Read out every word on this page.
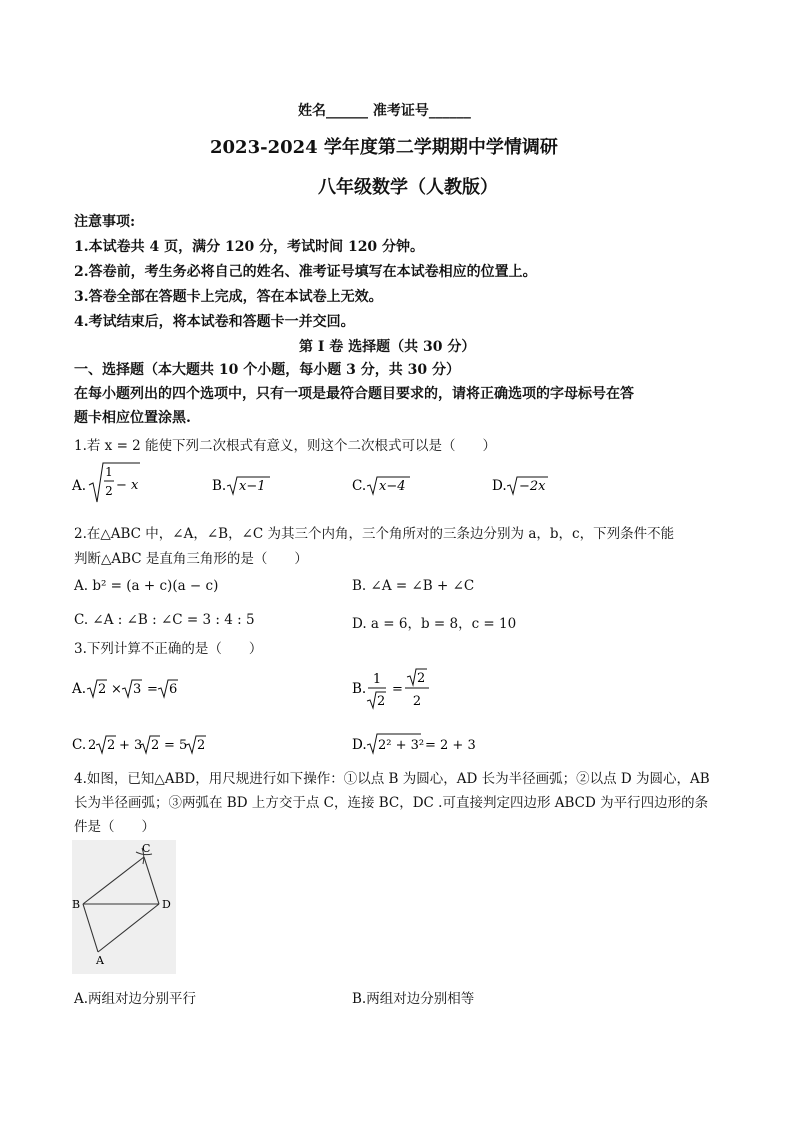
姓名______ 准考证号______
2023-2024 学年度第二学期期中学情调研
八年级数学（人教版）
注意事项:
1.本试卷共 4 页，满分 120 分，考试时间 120 分钟。
2.答卷前，考生务必将自己的姓名、准考证号填写在本试卷相应的位置上。
3.答卷全部在答题卡上完成，答在本试卷上无效。
4.考试结束后，将本试卷和答题卡一并交回。
第 I 卷 选择题（共 30 分）
一、选择题（本大题共 10 个小题，每小题 3 分，共 30 分）
在每小题列出的四个选项中，只有一项是最符合题目要求的，请将正确选项的字母标号在答
题卡相应位置涂黑.
1.若 x = 2 能使下列二次根式有意义，则这个二次根式可以是（　　）
A.
1
2 − x	B. x−1	C. x−4	D. −2x
2.在△ABC 中，∠A，∠B，∠C 为其三个内角，三个角所对的三条边分别为 a，b，c，下列条件不能
判断△ABC 是直角三角形的是（　　）
A. b² = (a + c)(a − c)	B. ∠A = ∠B + ∠C
C. ∠A : ∠B : ∠C = 3 : 4 : 5	D. a = 6，b = 8，c = 10
3.下列计算不正确的是（　　）
A. 2 × 3 = 6	B.
1
2
=
2
2
C. 2 2 + 3 2 = 5 2	D. 2² + 3² = 2 + 3
4.如图，已知△ABD，用尺规进行如下操作：①以点 B 为圆心，AD 长为半径画弧；②以点 D 为圆心，AB
长为半径画弧；③两弧在 BD 上方交于点 C，连接 BC，DC .可直接判定四边形 ABCD 为平行四边形的条
件是（　　）
C
B	D
A
A.两组对边分别平行	B.两组对边分别相等
